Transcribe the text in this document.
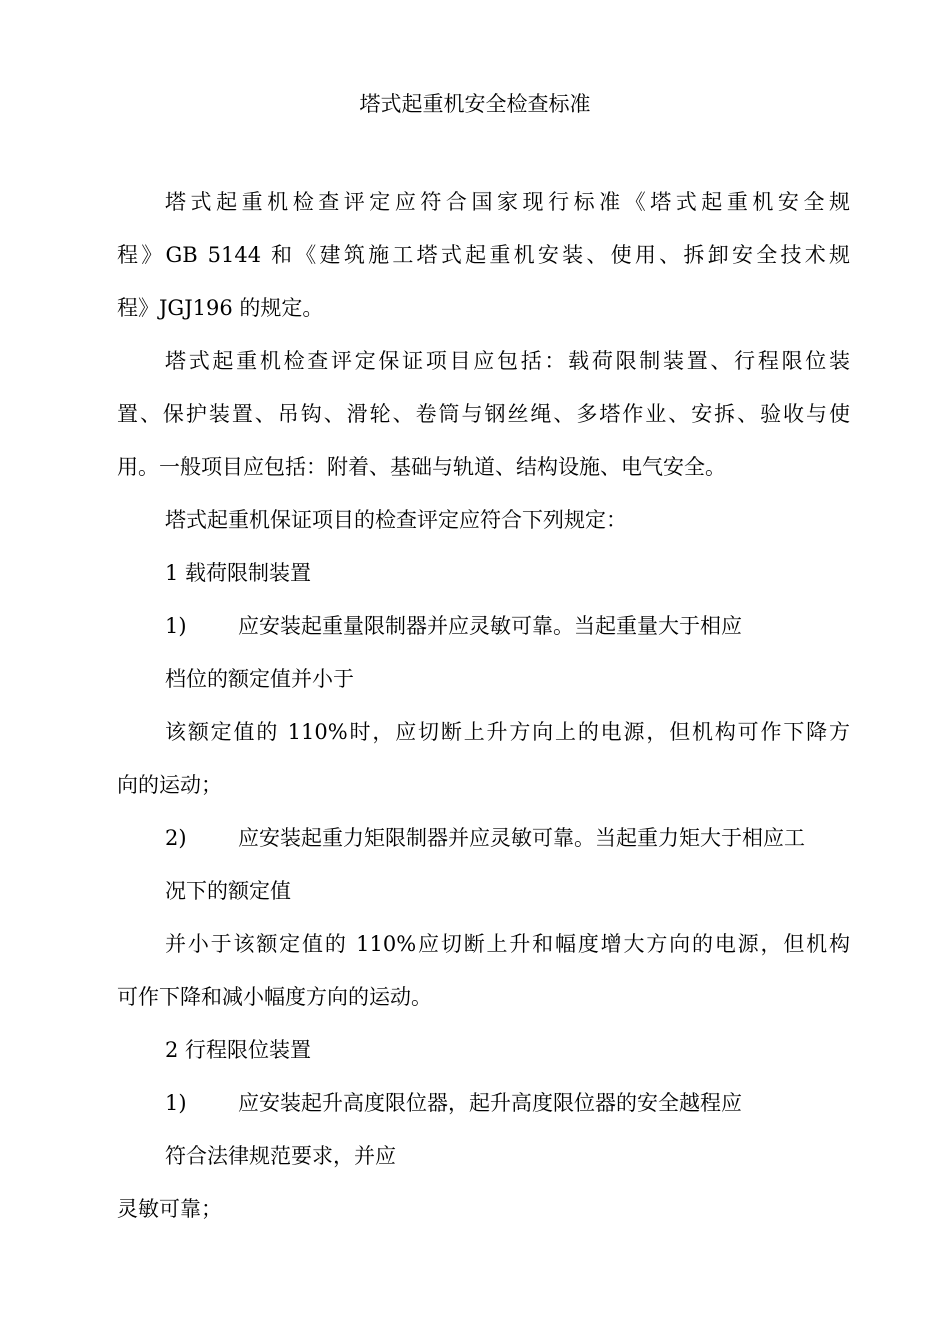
塔式起重机安全检查标准
塔式起重机检查评定应符合国家现行标准《塔式起重机安全规
程》GB 5144 和《建筑施工塔式起重机安装、使用、拆卸安全技术规
程》JGJ196 的规定。
塔式起重机检查评定保证项目应包括：载荷限制装置、行程限位装
置、保护装置、吊钩、滑轮、卷筒与钢丝绳、多塔作业、安拆、验收与使
用。一般项目应包括：附着、基础与轨道、结构设施、电气安全。
塔式起重机保证项目的检查评定应符合下列规定：
1 载荷限制装置
1) 应安装起重量限制器并应灵敏可靠。当起重量大于相应
档位的额定值并小于
该额定值的 110%时，应切断上升方向上的电源，但机构可作下降方
向的运动；
2) 应安装起重力矩限制器并应灵敏可靠。当起重力矩大于相应工
况下的额定值
并小于该额定值的 110%应切断上升和幅度增大方向的电源，但机构
可作下降和减小幅度方向的运动。
2 行程限位装置
1) 应安装起升高度限位器，起升高度限位器的安全越程应
符合法律规范要求，并应
灵敏可靠；
